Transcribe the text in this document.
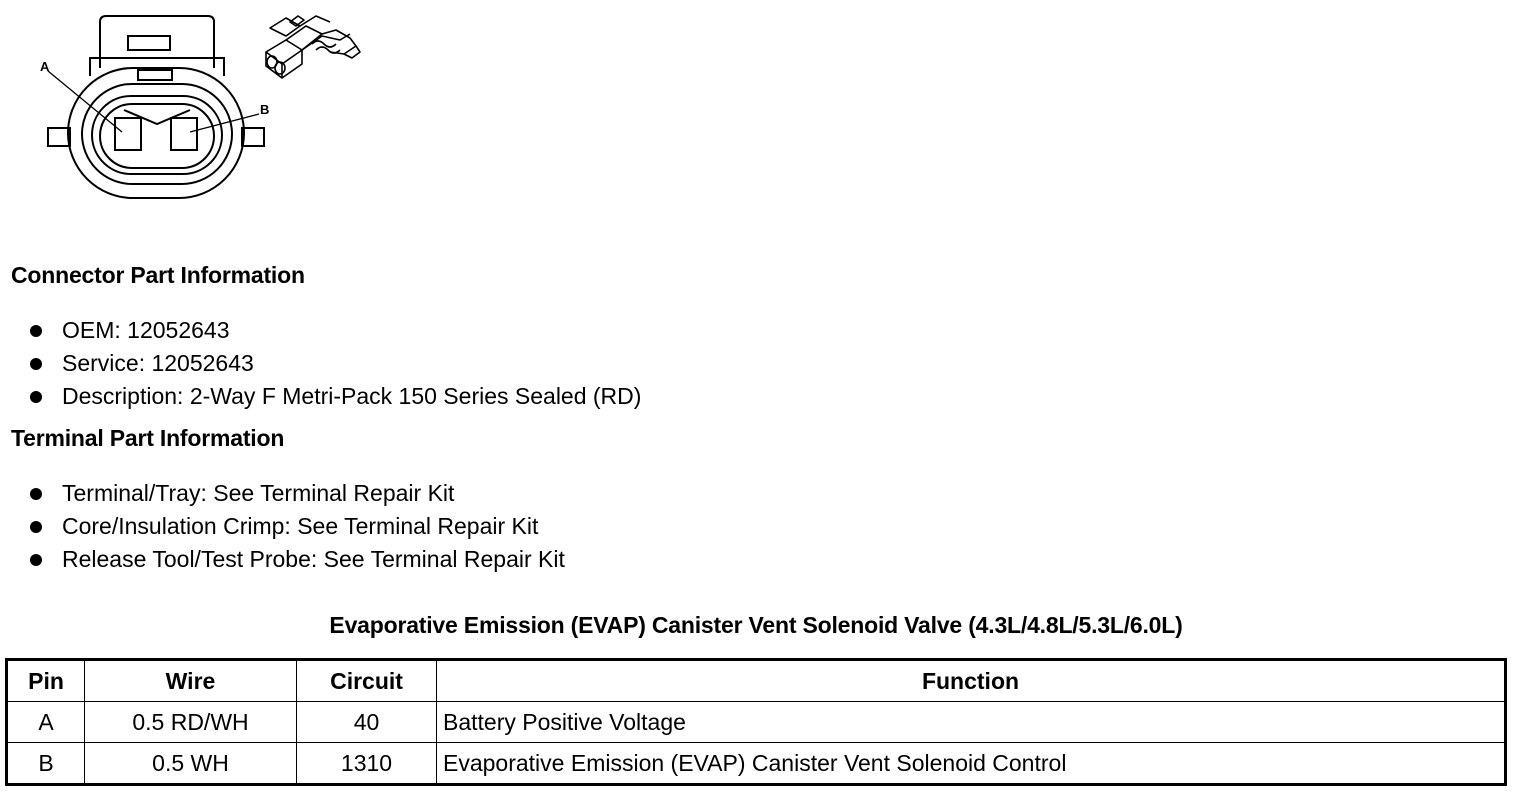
A
B
Connector Part Information
OEM: 12052643
Service: 12052643
Description: 2-Way F Metri-Pack 150 Series Sealed (RD)
Terminal Part Information
Terminal/Tray: See Terminal Repair Kit
Core/Insulation Crimp: See Terminal Repair Kit
Release Tool/Test Probe: See Terminal Repair Kit
Evaporative Emission (EVAP) Canister Vent Solenoid Valve (4.3L/4.8L/5.3L/6.0L)
Pin	Wire	Circuit	Function
A	0.5 RD/WH	40	Battery Positive Voltage
B	0.5 WH	1310	Evaporative Emission (EVAP) Canister Vent Solenoid Control
